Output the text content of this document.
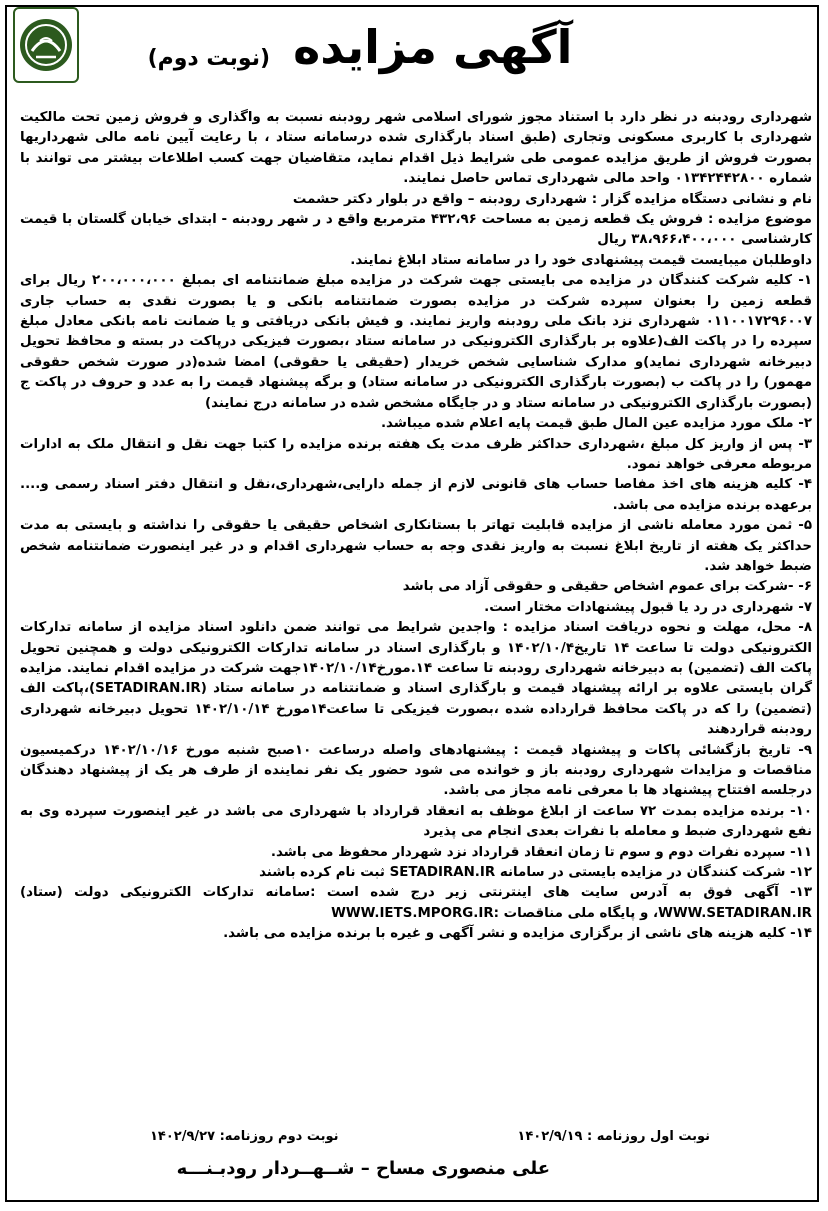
آگهی مزایده (نوبت دوم)

شهرداری رودبنه در نظر دارد با استناد مجوز شورای اسلامی شهر رودبنه نسبت به واگذاری و فروش زمین تحت مالکیت شهرداری با کاربری مسکونی وتجاری (طبق اسناد بارگذاری شده درسامانه ستاد ، با رعایت آیین نامه مالی شهرداریها بصورت فروش از طریق مزایده عمومی طی شرایط ذیل اقدام نماید، متقاضیان جهت کسب اطلاعات بیشتر می توانند با شماره ۰۱۳۴۲۴۴۲۸۰۰ واحد مالی شهرداری تماس حاصل نمایند.

نام و نشانی دستگاه مزایده گزار : شهرداری رودبنه – واقع در بلوار دکتر حشمت

موضوع مزایده : فروش یک قطعه زمین به مساحت ۴۳۲،۹۶ مترمربع واقع د ر شهر رودبنه - ابتدای خیابان گلستان با قیمت کارشناسی ۳۸،۹۶۶،۴۰۰،۰۰۰ ریال

داوطلبان میبایست قیمت پیشنهادی خود را در سامانه ستاد ابلاغ نمایند.

۱- کلیه شرکت کنندگان در مزایده می بایستی جهت شرکت در مزایده مبلغ ضمانتنامه ای بمبلغ ۲۰۰،۰۰۰،۰۰۰ ریال برای قطعه زمین را بعنوان سپرده شرکت در مزایده بصورت ضمانتنامه بانکی و یا بصورت نقدی به حساب جاری ۰۱۱۰۰۱۷۲۹۶۰۰۷ شهرداری نزد بانک ملی رودبنه واریز نمایند. و فیش بانکی دریافتی و یا ضمانت نامه بانکی معادل مبلغ سپرده را در پاکت الف(علاوه بر بارگذاری الکترونیکی در سامانه ستاد ،بصورت فیزیکی درپاکت در بسته و محافظ تحویل دبیرخانه شهرداری نماید)و مدارک شناسایی شخص خریدار (حقیقی یا حقوقی) امضا شده(در صورت شخص حقوقی مهمور) را در پاکت ب (بصورت بارگذاری الکترونیکی در سامانه ستاد) و برگه پیشنهاد قیمت را به عدد و حروف در پاکت ج (بصورت بارگذاری الکترونیکی در سامانه ستاد و در جایگاه مشخص شده در سامانه درج نمایند)

۲- ملک مورد مزایده عین المال طبق قیمت پایه اعلام شده میباشد.

۳- پس از واریز کل مبلغ ،شهرداری حداکثر ظرف مدت یک هفته برنده مزایده را کتبا جهت نقل و انتقال ملک به ادارات مربوطه معرفی خواهد نمود.

۴- کلیه هزینه های اخذ مفاصا حساب های قانونی لازم از جمله دارایی،شهرداری،نقل و انتقال دفتر اسناد رسمی و.... برعهده برنده مزایده می باشد.

۵- ثمن مورد معامله ناشی از مزایده قابلیت تهاتر با بستانکاری اشخاص حقیقی یا حقوقی را نداشته و بایستی به مدت حداکثر یک هفته از تاریخ ابلاغ نسبت به واریز نقدی وجه به حساب شهرداری اقدام و در غیر اینصورت ضمانتنامه شخص ضبط خواهد شد.

۶- -شرکت برای عموم اشخاص حقیقی و حقوقی آزاد می باشد

۷- شهرداری در رد یا قبول پیشنهادات مختار است.

۸- محل، مهلت و نحوه دریافت اسناد مزایده : واجدین شرایط می توانند ضمن دانلود اسناد مزایده از سامانه تدارکات الکترونیکی دولت تا ساعت ۱۴ تاریخ۱۴۰۲/۱۰/۴ و بارگذاری اسناد در سامانه تدارکات الکترونیکی دولت و همچنین تحویل پاکت الف (تضمین) به دبیرخانه شهرداری رودبنه تا ساعت ۱۴.مورخ۱۴۰۲/۱۰/۱۴جهت شرکت در مزایده اقدام نمایند. مزایده گران بایستی علاوه بر ارائه پیشنهاد قیمت و بارگذاری اسناد و ضمانتنامه در سامانه ستاد (SETADIRAN.IR)،پاکت الف (تضمین) را که در پاکت محافظ قرارداده شده ،بصورت فیزیکی تا ساعت۱۴مورخ ۱۴۰۲/۱۰/۱۴ تحویل دبیرخانه شهرداری رودبنه قراردهند

۹- تاریخ بازگشائی پاکات و پیشنهاد قیمت : پیشنهادهای واصله درساعت ۱۰صبح شنبه مورخ ۱۴۰۲/۱۰/۱۶ درکمیسیون مناقصات و مزایدات شهرداری رودبنه باز و خوانده می شود حضور یک نفر نماینده از طرف هر یک از پیشنهاد دهندگان درجلسه افتتاح پیشنهاد ها با معرفی نامه مجاز می باشد.

۱۰- برنده مزایده بمدت ۷۲ ساعت از ابلاغ موظف به انعقاد قرارداد با شهرداری می باشد در غیر اینصورت سپرده وی به نفع شهرداری ضبط و معامله با نفرات بعدی انجام می پذیرد

۱۱- سپرده نفرات دوم و سوم تا زمان انعقاد قرارداد نزد شهردار محفوظ می باشد.

۱۲- شرکت کنندگان در مزایده بایستی در سامانه SETADIRAN.IR ثبت نام کرده باشند

۱۳- آگهی فوق به آدرس سایت های اینترنتی زیر درج شده است :سامانه تدارکات الکترونیکی دولت (ستاد) WWW.SETADIRAN.IR، و پایگاه ملی مناقصات :WWW.IETS.MPORG.IR

۱۴- کلیه هزینه های ناشی از برگزاری مزایده و نشر آگهی و غیره با برنده مزایده می باشد.

نوبت اول روزنامه : ۱۴۰۲/۹/۱۹
نوبت دوم روزنامه: ۱۴۰۲/۹/۲۷
علی منصوری مساح – شــهــردار رودبـنـــه
